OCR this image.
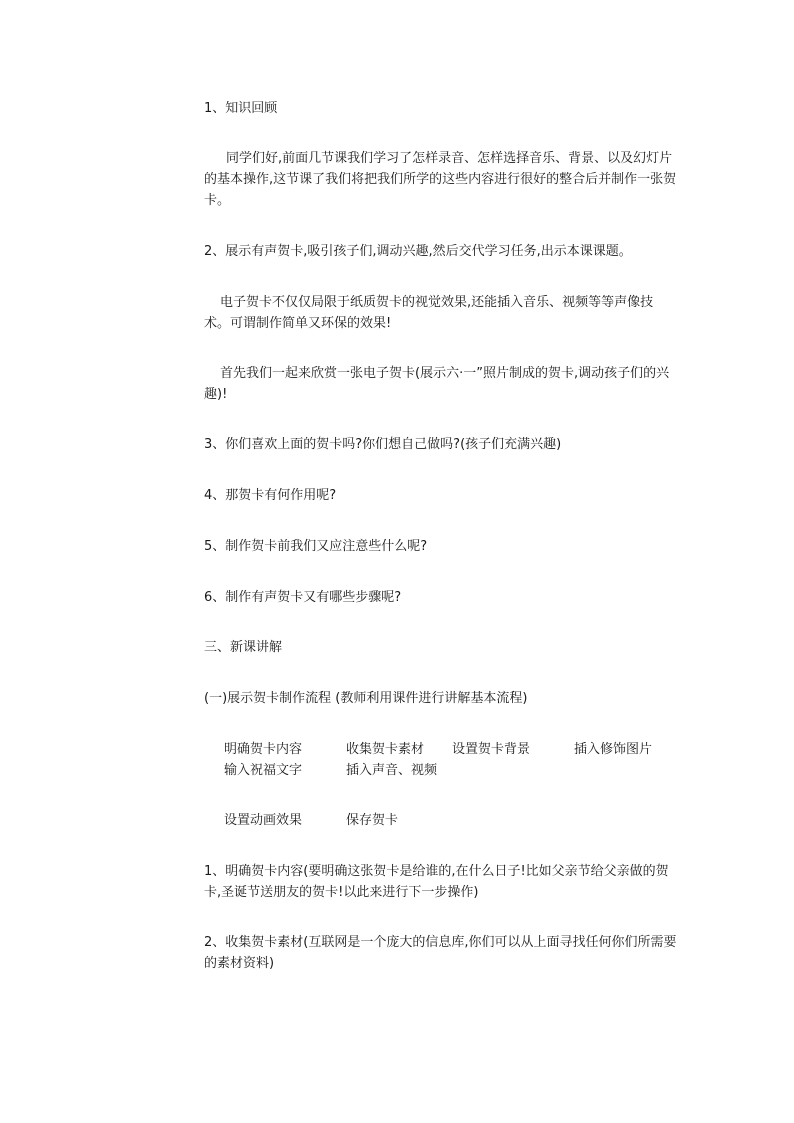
1、知识回顾
同学们好,前面几节课我们学习了怎样录音、怎样选择音乐、背景、以及幻灯片的基本操作,这节课了我们将把我们所学的这些内容进行很好的整合后并制作一张贺卡。
2、展示有声贺卡,吸引孩子们,调动兴趣,然后交代学习任务,出示本课课题。
电子贺卡不仅仅局限于纸质贺卡的视觉效果,还能插入音乐、视频等等声像技术。可谓制作简单又环保的效果!
首先我们一起来欣赏一张电子贺卡(展示六·一”照片制成的贺卡,调动孩子们的兴趣)!
3、你们喜欢上面的贺卡吗?你们想自己做吗?(孩子们充满兴趣)
4、那贺卡有何作用呢?
5、制作贺卡前我们又应注意些什么呢?
6、制作有声贺卡又有哪些步骤呢?
三、新课讲解
(一)展示贺卡制作流程 (教师利用课件进行讲解基本流程)
明确贺卡内容	收集贺卡素材 设置贺卡背景	插入修饰图片
输入祝福文字	插入声音、视频
设置动画效果	保存贺卡
1、明确贺卡内容(要明确这张贺卡是给谁的,在什么日子!比如父亲节给父亲做的贺卡,圣诞节送朋友的贺卡!以此来进行下一步操作)
2、收集贺卡素材(互联网是一个庞大的信息库,你们可以从上面寻找任何你们所需要的素材资料)
